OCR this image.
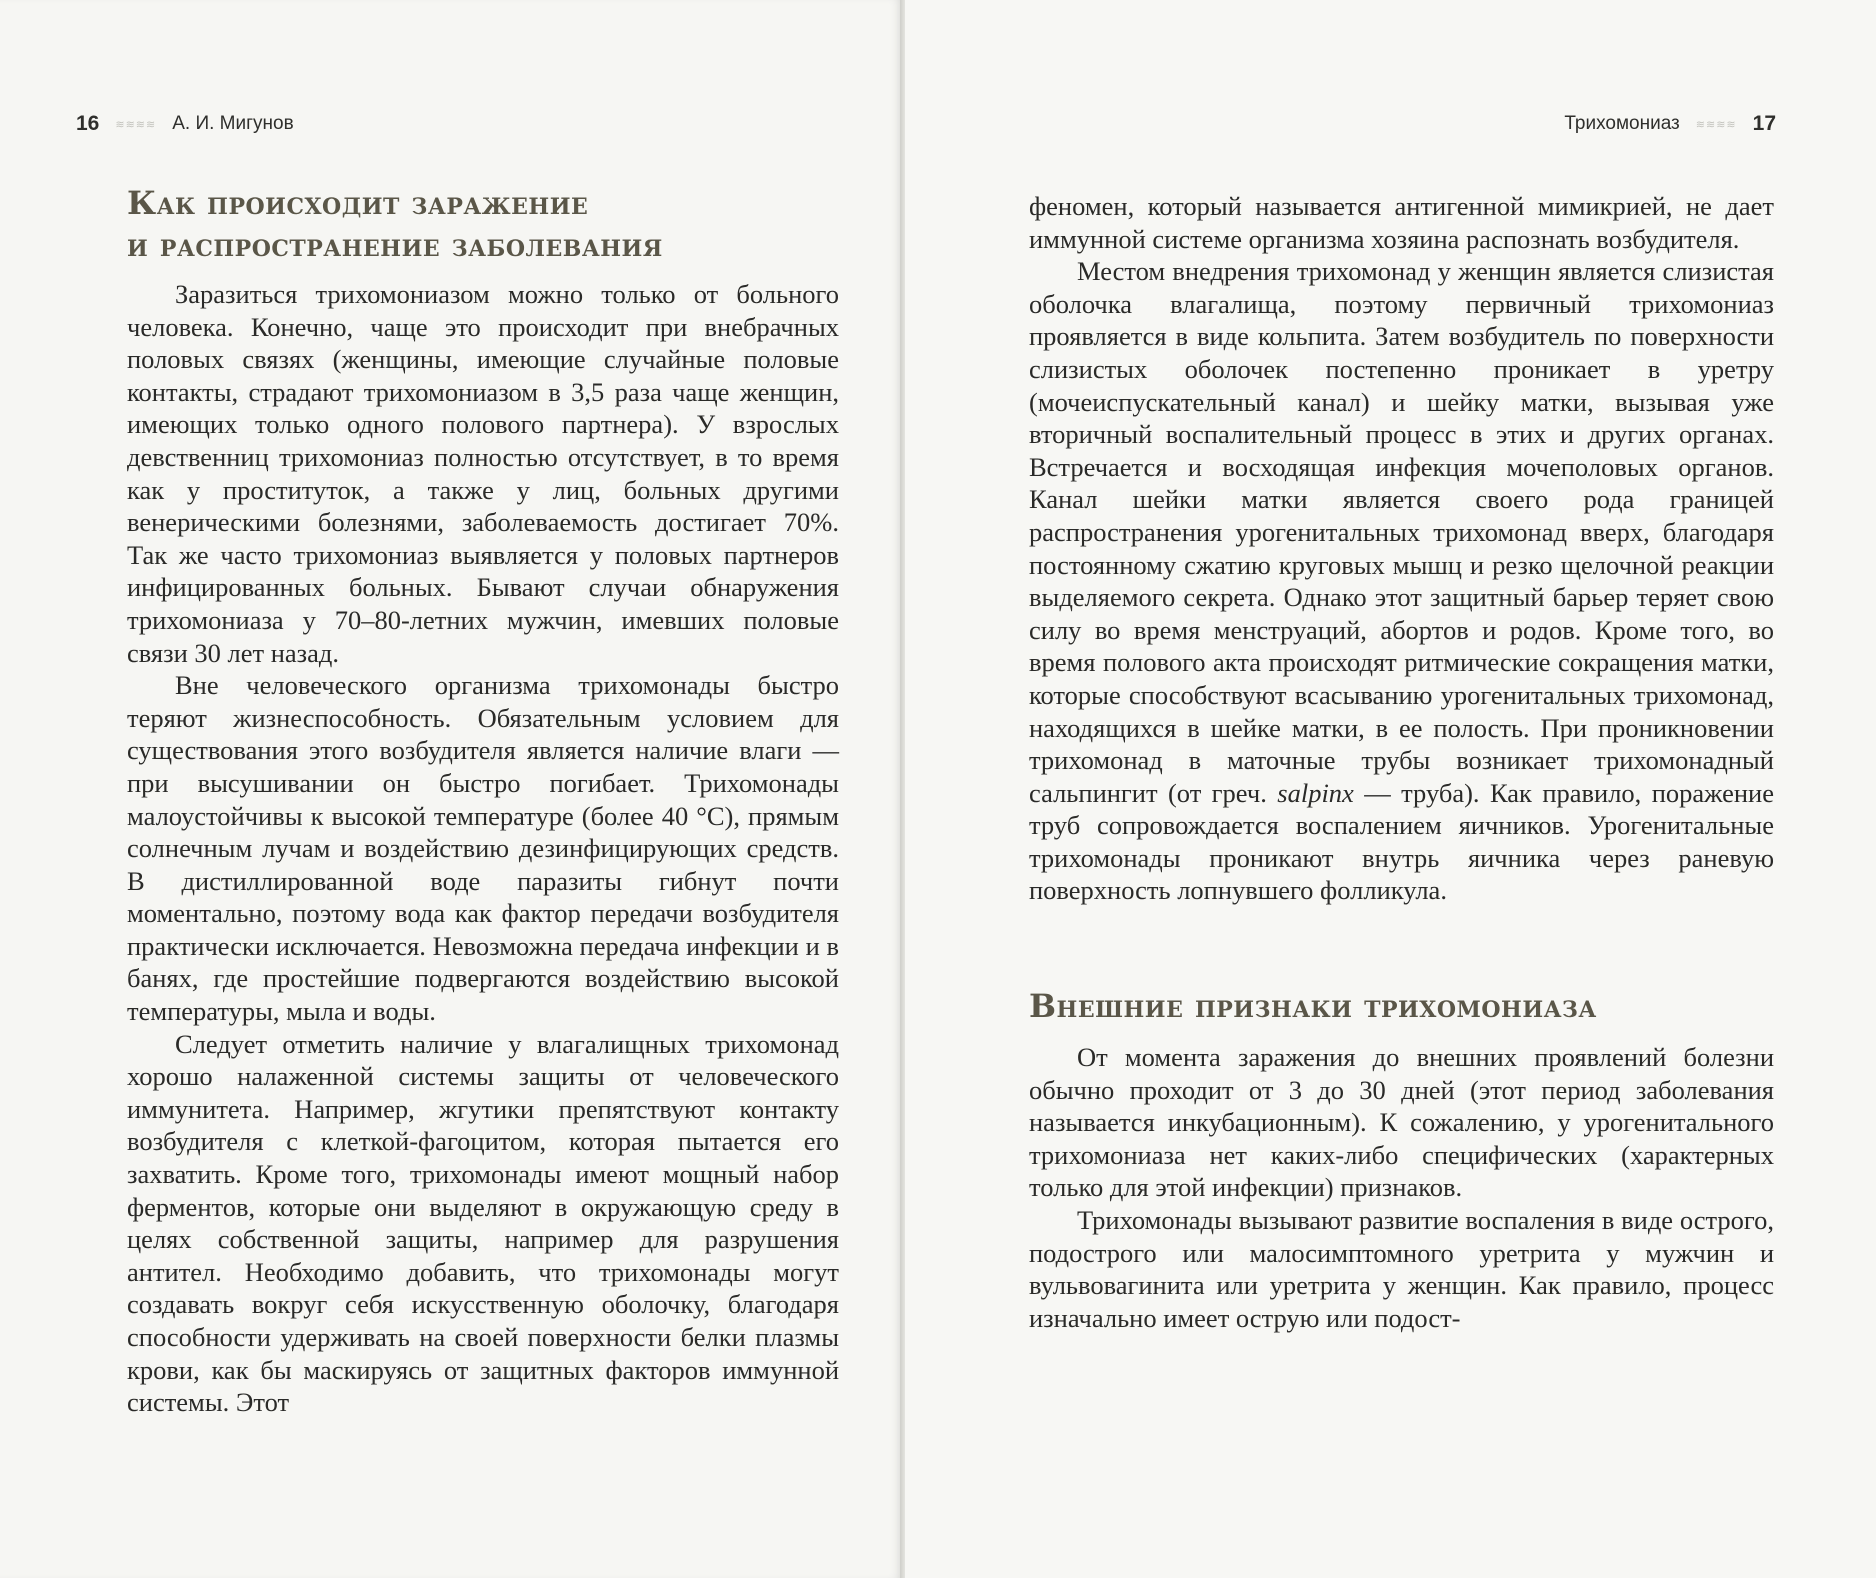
16 ≋≋≋≋ А. И. Мигунов
Как происходит заражение
и распространение заболевания

Заразиться трихомониазом можно только от больного человека. Конечно, чаще это происходит при внебрачных половых связях (женщины, имеющие случайные половые контакты, страдают трихомониазом в 3,5 раза чаще женщин, имеющих только одного полового партнера). У взрослых девственниц трихомониаз полностью отсутствует, в то время как у проституток, а также у лиц, больных другими венерическими болезнями, заболеваемость достигает 70%. Так же часто трихомониаз выявляется у половых партнеров инфицированных больных. Бывают случаи обнаружения трихомониаза у 70–80-летних мужчин, имевших половые связи 30 лет назад.

Вне человеческого организма трихомонады быстро теряют жизнеспособность. Обязательным условием для существования этого возбудителя является наличие влаги — при высушивании он быстро погибает. Трихомонады малоустойчивы к высокой температуре (более 40 °С), прямым солнечным лучам и воздействию дезинфицирующих средств. В дистиллированной воде паразиты гибнут почти моментально, поэтому вода как фактор передачи возбудителя практически исключается. Невозможна передача инфекции и в банях, где простейшие подвергаются воздействию высокой температуры, мыла и воды.

Следует отметить наличие у влагалищных трихомонад хорошо налаженной системы защиты от человеческого иммунитета. Например, жгутики препятствуют контакту возбудителя с клеткой-фагоцитом, которая пытается его захватить. Кроме того, трихомонады имеют мощный набор ферментов, которые они выделяют в окружающую среду в целях собственной защиты, например для разрушения антител. Необходимо добавить, что трихомонады могут создавать вокруг себя искусственную оболочку, благодаря способности удерживать на своей поверхности белки плазмы крови, как бы маскируясь от защитных факторов иммунной системы. Этот

Трихомониаз ≋≋≋≋ 17

феномен, который называется антигенной мимикрией, не дает иммунной системе организма хозяина распознать возбудителя.

Местом внедрения трихомонад у женщин является слизистая оболочка влагалища, поэтому первичный трихомониаз проявляется в виде кольпита. Затем возбудитель по поверхности слизистых оболочек постепенно проникает в уретру (мочеиспускательный канал) и шейку матки, вызывая уже вторичный воспалительный процесс в этих и других органах. Встречается и восходящая инфекция мочеполовых органов. Канал шейки матки является своего рода границей распространения урогенитальных трихомонад вверх, благодаря постоянному сжатию круговых мышц и резко щелочной реакции выделяемого секрета. Однако этот защитный барьер теряет свою силу во время менструаций, абортов и родов. Кроме того, во время полового акта происходят ритмические сокращения матки, которые способствуют всасыванию урогенитальных трихомонад, находящихся в шейке матки, в ее полость. При проникновении трихомонад в маточные трубы возникает трихомонадный сальпингит (от греч. salpinx — труба). Как правило, поражение труб сопровождается воспалением яичников. Урогенитальные трихомонады проникают внутрь яичника через раневую поверхность лопнувшего фолликула.

Внешние признаки трихомониаза

От момента заражения до внешних проявлений болезни обычно проходит от 3 до 30 дней (этот период заболевания называется инкубационным). К сожалению, у урогенитального трихомониаза нет каких-либо специфических (характерных только для этой инфекции) признаков.

Трихомонады вызывают развитие воспаления в виде острого, подострого или малосимптомного уретрита у мужчин и вульвовагинита или уретрита у женщин. Как правило, процесс изначально имеет острую или подост-
